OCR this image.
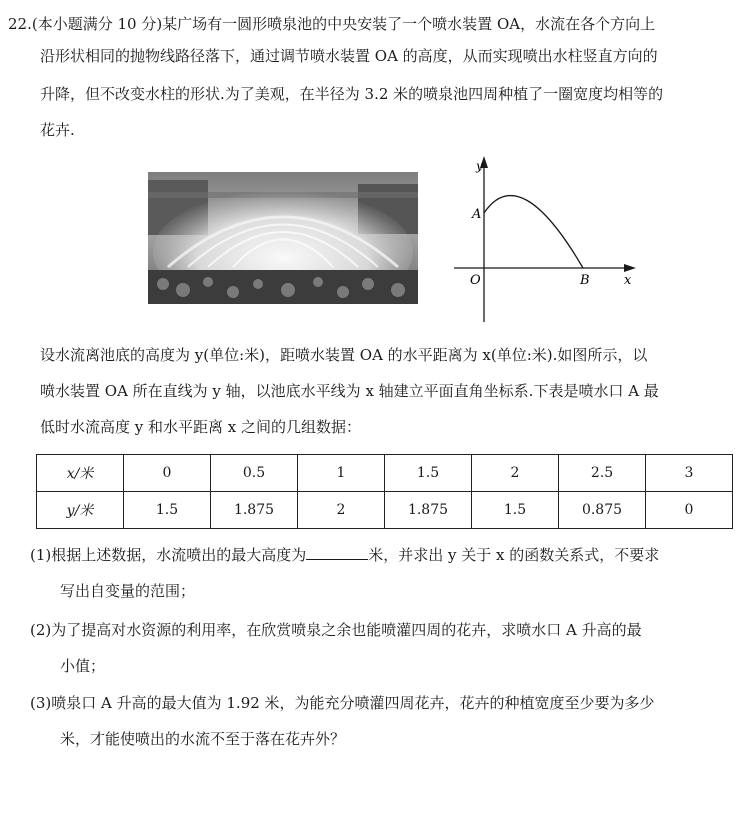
22.(本小题满分 10 分)某广场有一圆形喷泉池的中央安装了一个喷水装置 OA，水流在各个方向上
沿形状相同的抛物线路径落下，通过调节喷水装置 OA 的高度，从而实现喷出水柱竖直方向的
升降，但不改变水柱的形状.为了美观，在半径为 3.2 米的喷泉池四周种植了一圈宽度均相等的
花卉.
y
x
O
A
B
设水流离池底的高度为 y(单位:米)，距喷水装置 OA 的水平距离为 x(单位:米).如图所示，以
喷水装置 OA 所在直线为 y 轴，以池底水平线为 x 轴建立平面直角坐标系.下表是喷水口 A 最
低时水流高度 y 和水平距离 x 之间的几组数据：
x/米	0	0.5	1	1.5	2	2.5	3
y/米	1.5	1.875	2	1.875	1.5	0.875	0
(1)根据上述数据，水流喷出的最大高度为	米，并求出 y 关于 x 的函数关系式，不要求
写出自变量的范围；
(2)为了提高对水资源的利用率，在欣赏喷泉之余也能喷灌四周的花卉，求喷水口 A 升高的最
小值；
(3)喷泉口 A 升高的最大值为 1.92 米，为能充分喷灌四周花卉，花卉的种植宽度至少要为多少
米，才能使喷出的水流不至于落在花卉外？
